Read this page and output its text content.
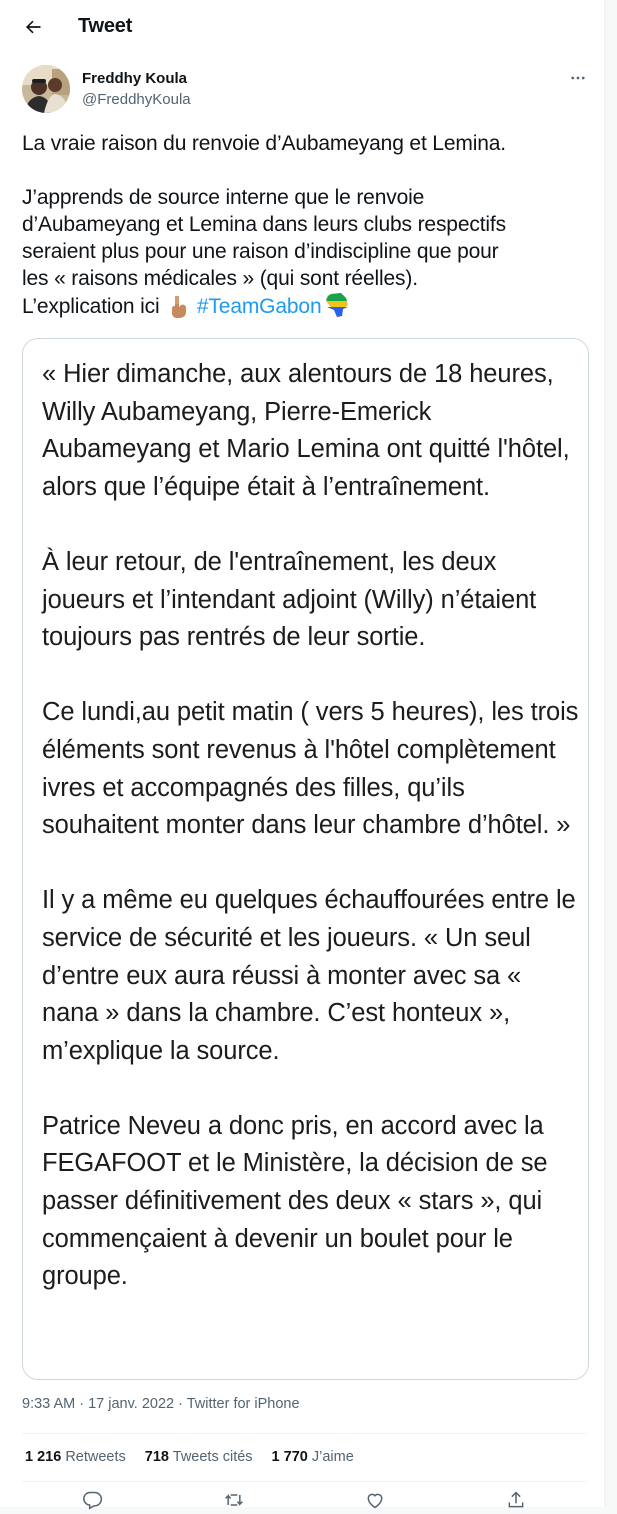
Tweet
Freddhy Koula
@FreddhyKoula

La vraie raison du renvoie d’Aubameyang et Lemina.

J’apprends de source interne que le renvoie

d’Aubameyang et Lemina dans leurs clubs respectifs

seraient plus pour une raison d’indiscipline que pour

les « raisons médicales » (qui sont réelles).

L’explication ici #TeamGabon

« Hier dimanche, aux alentours de 18 heures, Willy Aubameyang, Pierre-Emerick Aubameyang et Mario Lemina ont quitté l'hôtel, alors que l’équipe était à l’entraînement.

À leur retour, de l'entraînement, les deux joueurs et l’intendant adjoint (Willy) n’étaient toujours pas rentrés de leur sortie.

Ce lundi,au petit matin ( vers 5 heures), les trois éléments sont revenus à l'hôtel complètement ivres et accompagnés des filles, qu’ils souhaitent monter dans leur chambre d’hôtel. »

Il y a même eu quelques échauffourées entre le service de sécurité et les joueurs. « Un seul d’entre eux aura réussi à monter avec sa « nana » dans la chambre. C’est honteux », m’explique la source.

Patrice Neveu a donc pris, en accord avec la FEGAFOOT et le Ministère, la décision de se passer définitivement des deux « stars », qui commençaient à devenir un boulet pour le groupe.

9:33 AM · 17 janv. 2022 · Twitter for iPhone
1 216 Retweets 718 Tweets cités 1 770 J’aime
